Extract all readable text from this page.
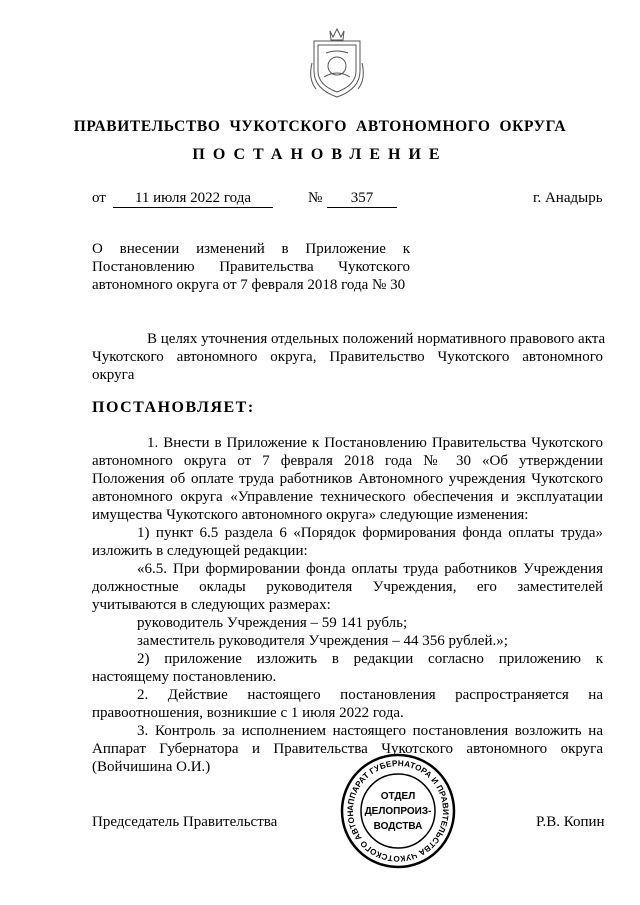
ПРАВИТЕЛЬСТВО  ЧУКОТСКОГО  АВТОНОМНОГО  ОКРУГА
ПОСТАНОВЛЕНИЕ
от	11 июля 2022 года	№	357	г. Анадырь

О внесении изменений в Приложение к

Постановлению Правительства Чукотского

автономного округа от 7 февраля 2018 года № 30

В целях уточнения отдельных положений нормативного правового акта
Чукотского автономного округа, Правительство Чукотского автономного
округа
ПОСТАНОВЛЯЕТ:
1. Внести в Приложение к Постановлению Правительства Чукотского
автономного округа от 7 февраля 2018 года № 30 «Об утверждении
Положения об оплате труда работников Автономного учреждения Чукотского
автономного округа «Управление технического обеспечения и эксплуатации
имущества Чукотского автономного округа» следующие изменения:
1) пункт 6.5 раздела 6 «Порядок формирования фонда оплаты труда»
изложить в следующей редакции:
«6.5. При формировании фонда оплаты труда работников Учреждения
должностные оклады руководителя Учреждения, его заместителей
учитываются в следующих размерах:
руководитель Учреждения – 59 141 рубль;
заместитель руководителя Учреждения – 44 356 рублей.»;
2) приложение изложить в редакции согласно приложению к
настоящему постановлению.
2. Действие настоящего постановления распространяется на
правоотношения, возникшие с 1 июля 2022 года.
3. Контроль за исполнением настоящего постановления возложить на
Аппарат Губернатора и Правительства Чукотского автономного округа
(Войчишина О.И.)
АППАРАТ ГУБЕРНАТОРА И ПРАВИТЕЛЬСТВА ЧУКОТСКОГО АВТОН
ОТДЕЛ
ДЕЛОПРОИЗ-
ВОДСТВА
Председатель Правительства	Р.В. Копин
